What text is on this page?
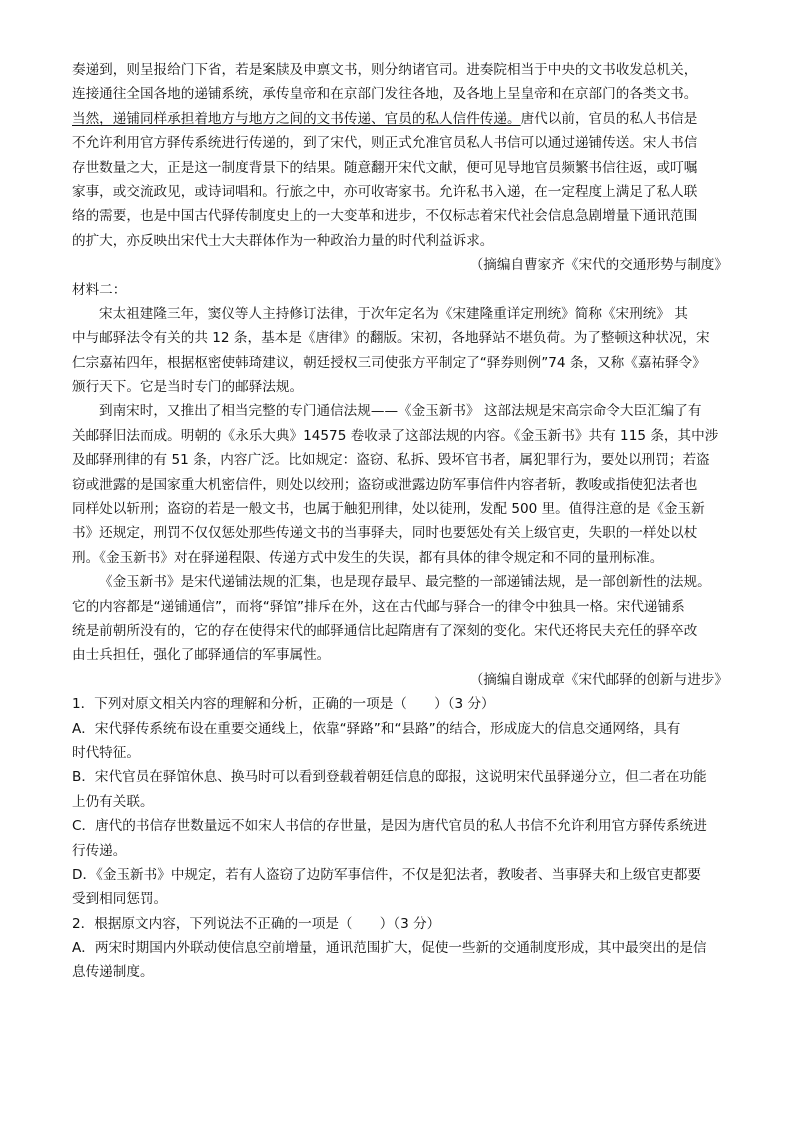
奏递到，则呈报给门下省，若是案牍及申禀文书，则分纳诸官司。进奏院相当于中央的文书收发总机关，
连接通往全国各地的递铺系统，承传皇帝和在京部门发往各地，及各地上呈皇帝和在京部门的各类文书。
当然，递铺同样承担着地方与地方之间的文书传递、官员的私人信件传递。唐代以前，官员的私人书信是
不允许利用官方驿传系统进行传递的，到了宋代，则正式允准官员私人书信可以通过递铺传送。宋人书信
存世数量之大，正是这一制度背景下的结果。随意翻开宋代文献，便可见导地官员频繁书信往返，或叮嘱
家事，或交流政见，或诗词唱和。行旅之中，亦可收寄家书。允许私书入递，在一定程度上满足了私人联
络的需要，也是中国古代驿传制度史上的一大变革和进步，不仅标志着宋代社会信息急剧增量下通讯范围
的扩大，亦反映出宋代士大夫群体作为一种政治力量的时代利益诉求。
（摘编自曹家齐《宋代的交通形势与制度》
材料二：
宋太祖建隆三年，窦仪等人主持修订法律，于次年定名为《宋建隆重详定刑统》简称《宋刑统》 其
中与邮驿法令有关的共 12 条，基本是《唐律》的翻版。宋初，各地驿站不堪负荷。为了整顿这种状况，宋
仁宗嘉祐四年，根据枢密使韩琦建议，朝廷授权三司使张方平制定了“驿券则例”74 条，又称《嘉祐驿令》
颁行天下。它是当时专门的邮驿法规。
到南宋时，又推出了相当完整的专门通信法规——《金玉新书》 这部法规是宋高宗命令大臣汇编了有
关邮驿旧法而成。明朝的《永乐大典》14575 卷收录了这部法规的内容。《金玉新书》共有 115 条，其中涉
及邮驿刑律的有 51 条，内容广泛。比如规定：盗窃、私拆、毁坏官书者，属犯罪行为，要处以刑罚；若盗
窃或泄露的是国家重大机密信件，则处以绞刑；盗窃或泄露边防军事信件内容者斩，教唆或指使犯法者也
同样处以斩刑；盗窃的若是一般文书，也属于触犯刑律，处以徒刑，发配 500 里。值得注意的是《金玉新
书》还规定，刑罚不仅仅惩处那些传递文书的当事驿夫，同时也要惩处有关上级官吏，失职的一样处以杖
刑。《金玉新书》对在驿递程限、传递方式中发生的失误，都有具体的律令规定和不同的量刑标准。
《金玉新书》是宋代递铺法规的汇集，也是现存最早、最完整的一部递铺法规，是一部创新性的法规。
它的内容都是“递铺通信”，而将“驿馆”排斥在外，这在古代邮与驿合一的律令中独具一格。宋代递铺系
统是前朝所没有的，它的存在使得宋代的邮驿通信比起隋唐有了深刻的变化。宋代还将民夫充任的驿卒改
由士兵担任，强化了邮驿通信的军事属性。
（摘编自谢成章《宋代邮驿的创新与进步》
1．下列对原文相关内容的理解和分析，正确的一项是（　　）（3 分）
A．宋代驿传系统布设在重要交通线上，依靠“驿路”和“县路”的结合，形成庞大的信息交通网络，具有
时代特征。
B．宋代官员在驿馆休息、换马时可以看到登载着朝廷信息的邸报，这说明宋代虽驿递分立，但二者在功能
上仍有关联。
C．唐代的书信存世数量远不如宋人书信的存世量，是因为唐代官员的私人书信不允许利用官方驿传系统进
行传递。
D．《金玉新书》中规定，若有人盗窃了边防军事信件，不仅是犯法者，教唆者、当事驿夫和上级官吏都要
受到相同惩罚。
2．根据原文内容，下列说法不正确的一项是（　　）（3 分）
A．两宋时期国内外联动使信息空前增量，通讯范围扩大，促使一些新的交通制度形成，其中最突出的是信
息传递制度。
